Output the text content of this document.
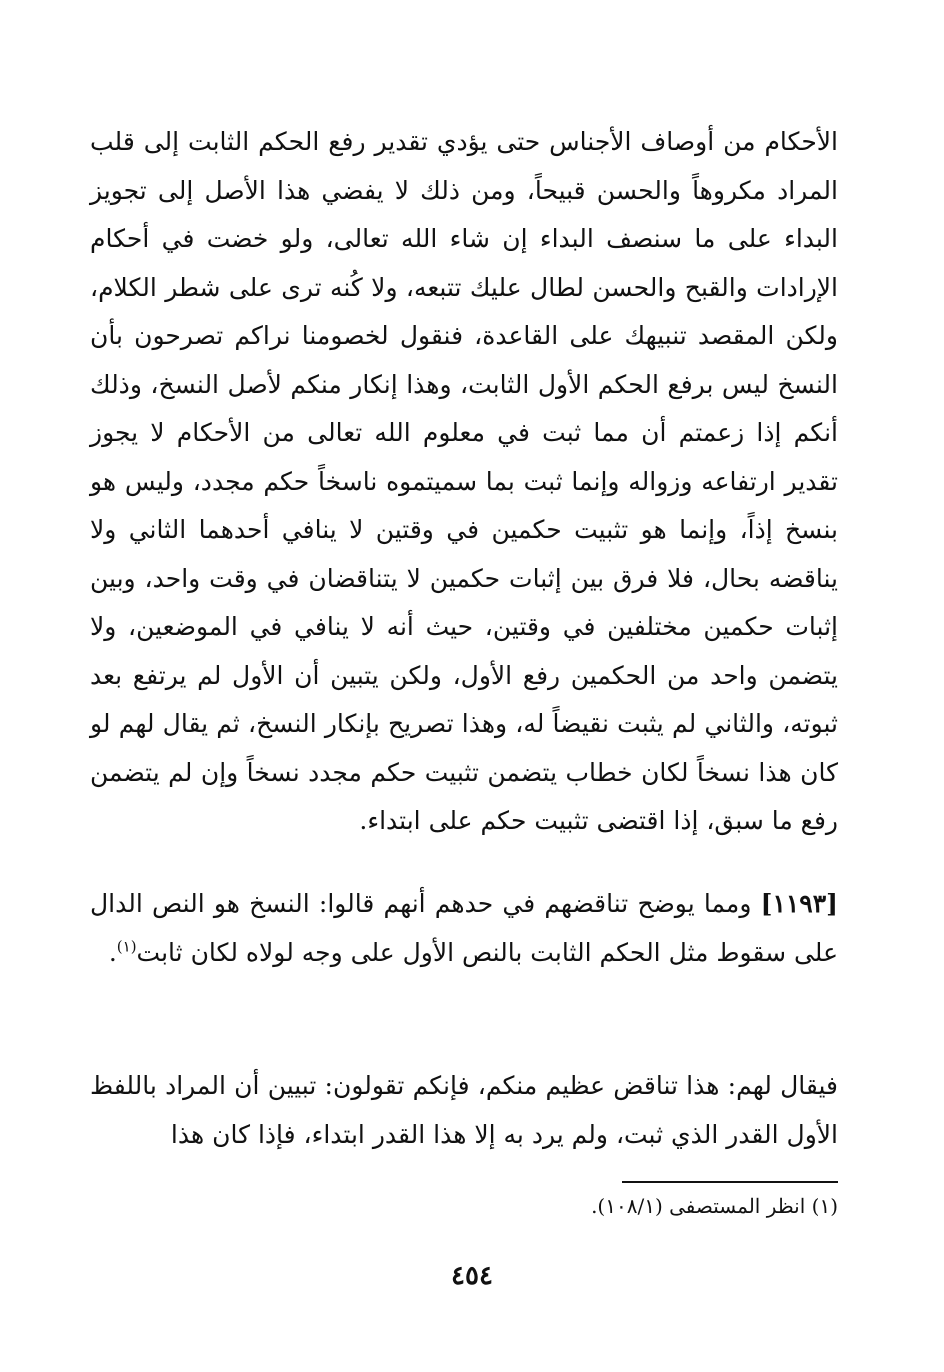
الأحكام من أوصاف الأجناس حتى يؤدي تقدير رفع الحكم الثابت إلى قلب المراد مكروهاً والحسن قبيحاً، ومن ذلك لا يفضي هذا الأصل إلى تجويز البداء على ما سنصف البداء إن شاء الله تعالى، ولو خضت في أحكام الإرادات والقبح والحسن لطال عليك تتبعه، ولا كُنه ترى على شطر الكلام، ولكن المقصد تنبيهك على القاعدة، فنقول لخصومنا نراكم تصرحون بأن النسخ ليس برفع الحكم الأول الثابت، وهذا إنكار منكم لأصل النسخ، وذلك أنكم إذا زعمتم أن مما ثبت في معلوم الله تعالى من الأحكام لا يجوز تقدير ارتفاعه وزواله وإنما ثبت بما سميتموه ناسخاً حكم مجدد، وليس هو بنسخ إذاً، وإنما هو تثبيت حكمين في وقتين لا ينافي أحدهما الثاني ولا يناقضه بحال، فلا فرق بين إثبات حكمين لا يتناقضان في وقت واحد، وبين إثبات حكمين مختلفين في وقتين، حيث أنه لا ينافي في الموضعين، ولا يتضمن واحد من الحكمين رفع الأول، ولكن يتبين أن الأول لم يرتفع بعد ثبوته، والثاني لم يثبت نقيضاً له، وهذا تصريح بإنكار النسخ، ثم يقال لهم لو كان هذا نسخاً لكان خطاب يتضمن تثبيت حكم مجدد نسخاً وإن لم يتضمن رفع ما سبق، إذا اقتضى تثبيت حكم على ابتداء.
[١١٩٣] ومما يوضح تناقضهم في حدهم أنهم قالوا: النسخ هو النص الدال على سقوط مثل الحكم الثابت بالنص الأول على وجه لولاه لكان ثابت$^{(١)}$.
فيقال لهم: هذا تناقض عظيم منكم، فإنكم تقولون: تبيين أن المراد باللفظ الأول القدر الذي ثبت، ولم يرد به إلا هذا القدر ابتداء، فإذا كان هذا
(١) انظر المستصفى (١٠٨/١).
٤٥٤
